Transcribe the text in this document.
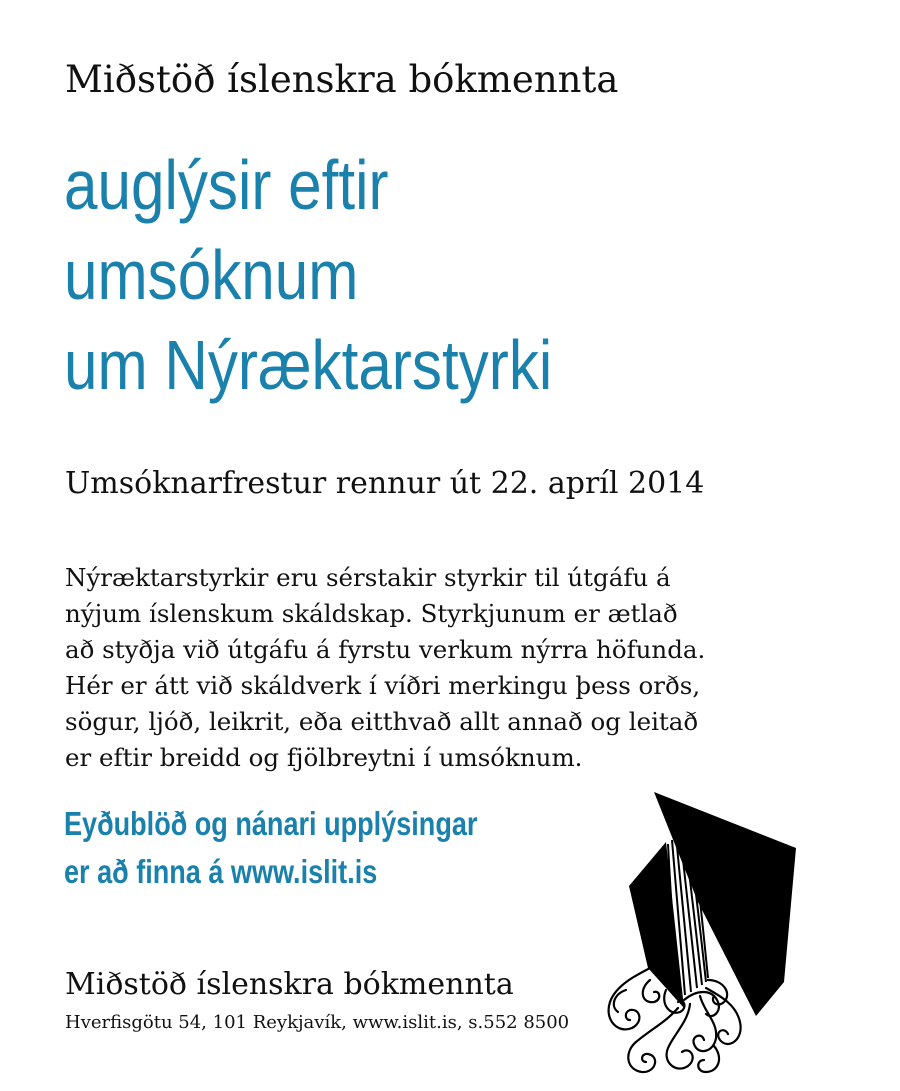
Miðstöð íslenskra bókmennta
auglýsir eftir
umsóknum
um Nýræktarstyrki
Umsóknarfrestur rennur út 22. apríl 2014
Nýræktarstyrkir eru sérstakir styrkir til útgáfu á
nýjum íslenskum skáldskap. Styrkjunum er ætlað
að styðja við útgáfu á fyrstu verkum nýrra höfunda.
Hér er átt við skáldverk í víðri merkingu þess orðs,
sögur, ljóð, leikrit, eða eitthvað allt annað og leitað
er eftir breidd og fjölbreytni í umsóknum.
Eyðublöð og nánari upplýsingar
er að finna á www.islit.is
Miðstöð íslenskra bókmennta
Hverfisgötu 54, 101 Reykjavík, www.islit.is, s.552 8500
